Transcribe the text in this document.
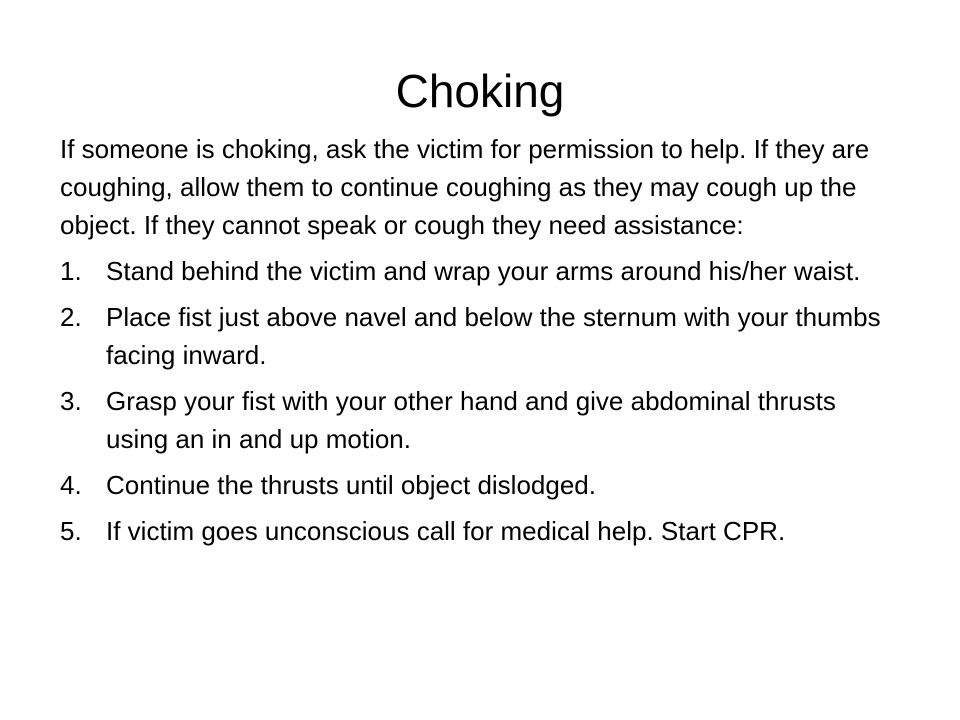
Choking

If someone is choking, ask the victim for permission to help. If they are coughing, allow them to continue coughing as they may cough up the object. If they cannot speak or cough they need assistance:

1. Stand behind the victim and wrap your arms around his/her waist.
2. Place fist just above navel and below the sternum with your thumbs facing inward.
3. Grasp your fist with your other hand and give abdominal thrusts using an in and up motion.
4. Continue the thrusts until object dislodged.
5. If victim goes unconscious call for medical help. Start CPR.
